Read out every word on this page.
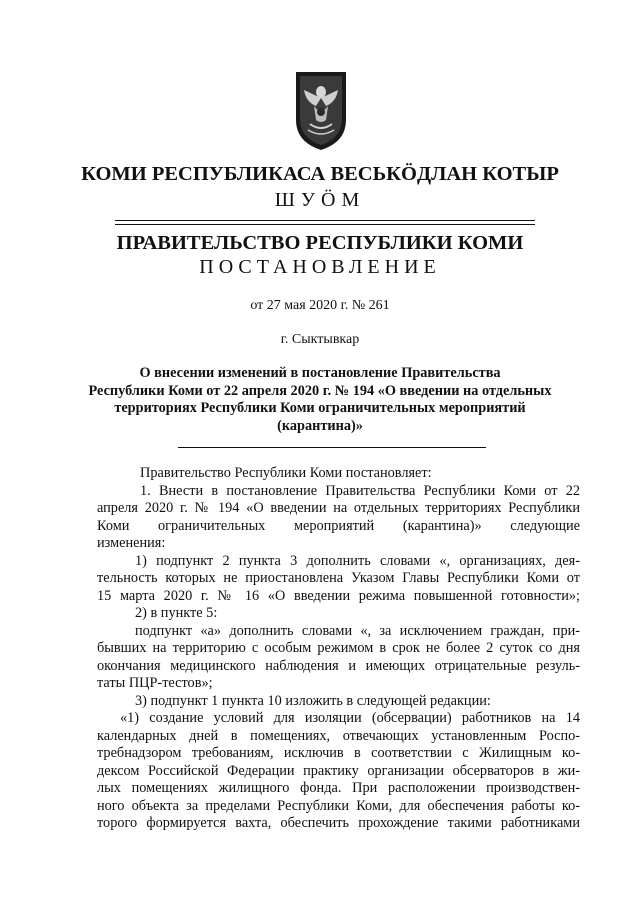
КОМИ РЕСПУБЛИКАСА ВЕСЬКӦДЛАН КОТЫР
ШУӦМ
ПРАВИТЕЛЬСТВО РЕСПУБЛИКИ КОМИ
ПОСТАНОВЛЕНИЕ
от 27 мая 2020 г. № 261
г. Сыктывкар
О внесении изменений в постановление Правительства
Республики Коми от 22 апреля 2020 г. № 194 «О введении на отдельных
территориях Республики Коми ограничительных мероприятий
(карантина)»
Правительство Республики Коми постановляет:
1. Внести в постановление Правительства Республики Коми от 22
апреля 2020 г. № 194 «О введении на отдельных территориях Республики
Коми ограничительных мероприятий (карантина)» следующие
изменения:
1) подпункт 2 пункта 3 дополнить словами «, организациях, дея-
тельность которых не приостановлена Указом Главы Республики Коми от
15 марта 2020 г. № 16 «О введении режима повышенной готовности»;
2) в пункте 5:
подпункт «а» дополнить словами «, за исключением граждан, при-
бывших на территорию с особым режимом в срок не более 2 суток со дня
окончания медицинского наблюдения и имеющих отрицательные резуль-
таты ПЦР-тестов»;
3) подпункт 1 пункта 10 изложить в следующей редакции:
«1) создание условий для изоляции (обсервации) работников на 14
календарных дней в помещениях, отвечающих установленным Роспо-
требнадзором требованиям, исключив в соответствии с Жилищным ко-
дексом Российской Федерации практику организации обсерваторов в жи-
лых помещениях жилищного фонда. При расположении производствен-
ного объекта за пределами Республики Коми, для обеспечения работы ко-
торого формируется вахта, обеспечить прохождение такими работниками
